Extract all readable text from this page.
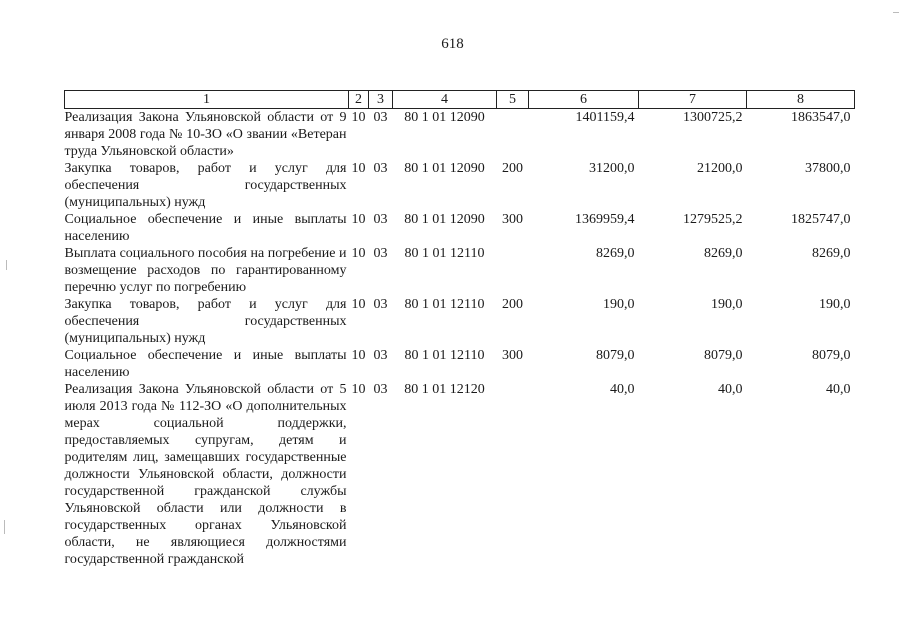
618
1	2	3	4	5	6	7	8
Реализация Закона Ульяновской области от 9 января 2008 года № 10-ЗО «О звании «Ветеран труда Ульяновской области»	10	03	80 1 01 12090		1401159,4	1300725,2	1863547,0
Закупка товаров, работ и услуг для обеспечения государственных (муниципальных) нужд	10	03	80 1 01 12090	200	31200,0	21200,0	37800,0
Социальное обеспечение и иные выплаты населению	10	03	80 1 01 12090	300	1369959,4	1279525,2	1825747,0
Выплата социального пособия на погребение и возмещение расходов по гарантированному перечню услуг по погребению	10	03	80 1 01 12110		8269,0	8269,0	8269,0
Закупка товаров, работ и услуг для обеспечения государственных (муниципальных) нужд	10	03	80 1 01 12110	200	190,0	190,0	190,0
Социальное обеспечение и иные выплаты населению	10	03	80 1 01 12110	300	8079,0	8079,0	8079,0
Реализация Закона Ульяновской области от 5 июля 2013 года № 112-ЗО «О дополнительных мерах социальной поддержки, предоставляемых супругам, детям и родителям лиц, замещавших государственные должности Ульяновской области, должности государственной гражданской службы Ульяновской области или должности в государственных органах Ульяновской области, не являющиеся должностями государственной гражданской	10	03	80 1 01 12120		40,0	40,0	40,0
